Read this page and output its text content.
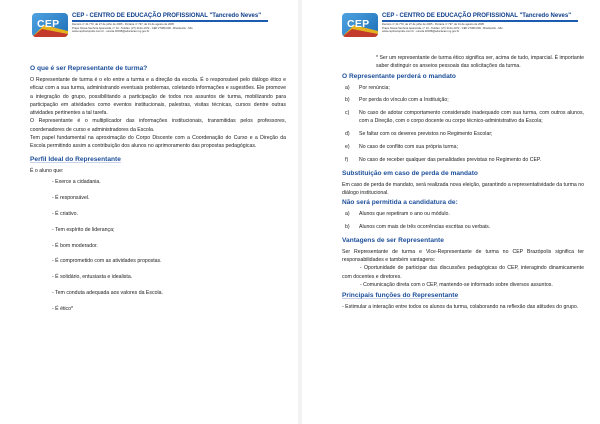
CEP
CEP - CENTRO DE EDUCAÇÃO PROFISSIONAL "Tancredo Neves"
Decreto nº 41.770, de 27 de julho de 2005 - Portaria nº 797, de 31 de agosto de 2005
Praça Nossa Senhora Aparecida, nº 10 - Telefax: (27) 3144-1072 - CEP 27380-000 - Brazópolis - MG
www.cepbrazopolis.com.br - escola.30038@educacao.mg.gov.br
O que é ser Representante de turma?

O Representante de turma é o elo entre a turma e a direção da escola. É o responsável pelo diálogo ético e eficaz com a sua turma, administrando eventuais problemas, coletando informações e sugestões. Ele promove a integração do grupo, possibilitando a participação de todos nos assuntos de turma, mobilizando para participação em atividades como eventos institucionais, palestras, visitas técnicas, cursos dentre outras atividades pertinentes a tal tarefa.

O Representante é o multiplicador das informações institucionais, transmitidas pelos professores, coordenadores de curso e administradores da Escola.

Tem papel fundamental na aproximação do Corpo Discente com a Coordenação do Curso e a Direção da Escola permitindo assim a contribuição dos alunos no aprimoramento das propostas pedagógicas.

Perfil Ideal do Representante

É o aluno que:

- Exerce a cidadania.
- É responsável.
- É criativo.
- Tem espírito de liderança;
- É bom moderador.
- É comprometido com as atividades propostas.
- É solidário, entusiasta e idealista.
- Tem conduta adequada aos valores da Escola.
- É ético*
CEP
CEP - CENTRO DE EDUCAÇÃO PROFISSIONAL "Tancredo Neves"
Decreto nº 41.770, de 27 de julho de 2005 - Portaria nº 797, de 31 de agosto de 2005
Praça Nossa Senhora Aparecida, nº 10 - Telefax: (27) 3144-1072 - CEP 27380-000 - Brazópolis - MG
www.cepbrazopolis.com.br - escola.30038@educacao.mg.gov.br

* Ser um representante de turma ético significa ser, acima de tudo, imparcial. É importante saber distinguir os anseios pessoais das solicitações da turma.

O Representante perderá o mandato
a)	Por renúncia;
b)	Por perda do vínculo com a Instituição;
c)	No caso de adotar comportamento considerado inadequado com sua turma, com outros alunos, com a Direção, com o corpo docente ou corpo técnico-administrativo da Escola;
d)	Se faltar com os deveres previstos no Regimento Escolar;
e)	No caso de conflito com sua própria turma;
f)	No caso de receber qualquer das penalidades previstas no Regimento do CEP.
Substituição em caso de perda de mandato

Em caso de perda de mandato, será realizada nova eleição, garantindo a representatividade da turma no diálogo institucional.

Não será permitida a candidatura de:
a)	Alunos que repetiram o ano ou módulo.
b)	Alunos com mais de três ocorrências escritas ou verbais.
Vantagens de ser Representante

Ser Representante de turma e Vice-Representante de turma no CEP Brazópolis significa ter responsabilidades e também vantagens:

- Oportunidade de participar das discussões pedagógicas do CEP, interagindo dinamicamente com docentes e diretores.

- Comunicação direta com o CEP, mantendo-se informado sobre diversos assuntos.

Principais funções do Representante

- Estimular a interação entre todos os alunos da turma, colaborando na reflexão das atitudes do grupo.
